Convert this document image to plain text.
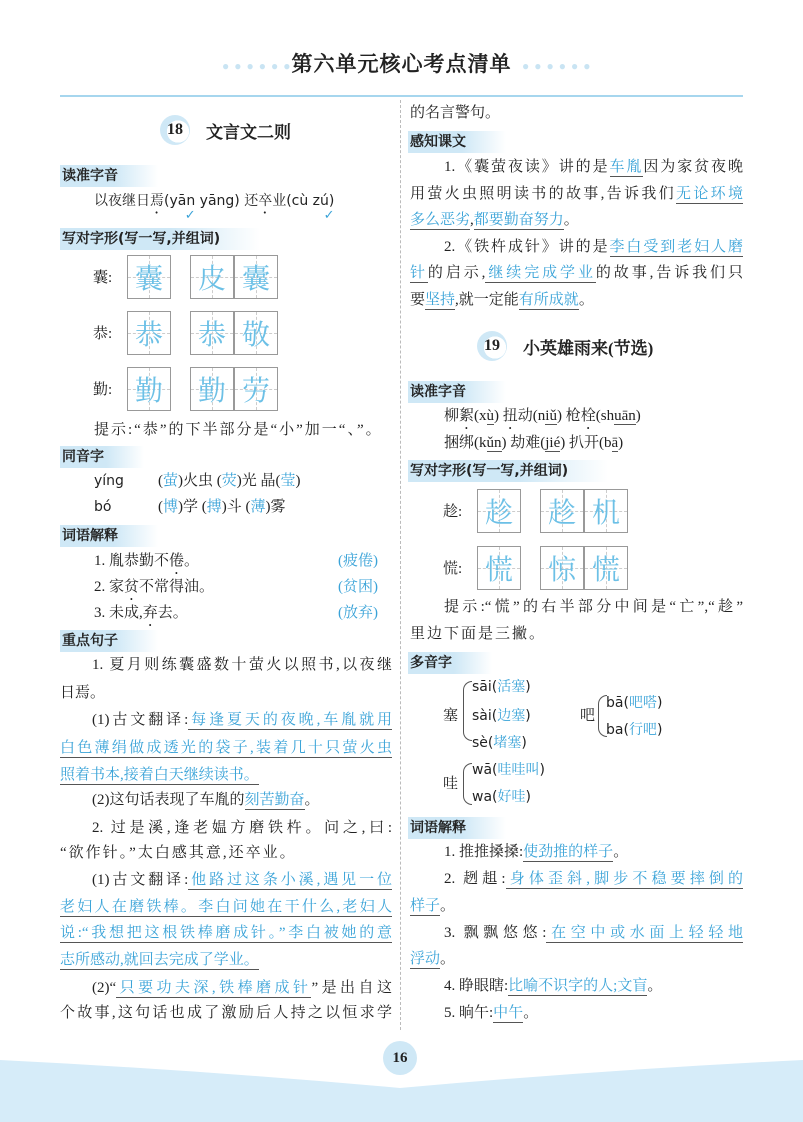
● ● ● ● ● ● 第六单元核心考点清单 ● ● ● ● ● ●
18	文言文二则
读准字音
以夜继日焉(yān ✓ yāng) 还卒业(cù zú ✓)
写对字形(写一写,并组词)
囊: 囊 皮 囊
恭: 恭 恭 敬
勤: 勤 勤 劳
提示:“恭”的下半部分是“小”加一“、”。
同音字
yíng (萤)火虫 (荧)光 晶(莹)
bó	(博)学 (搏)斗 (薄)雾
词语解释
1. 胤恭勤不倦。	(疲倦)
2. 家贫不常得油。	(贫困)
3. 未成,弃去。	(放弃)
重点句子
1. 夏月则练囊盛数十萤火以照书,以夜继
日焉。
(1)古文翻译:每逢夏天的夜晚,车胤就用
白色薄绢做成透光的袋子,装着几十只萤火虫
照着书本,接着白天继续读书。
(2)这句话表现了车胤的刻苦勤奋。
2. 过是溪,逢老媪方磨铁杵。问之,曰:
“欲作针。”太白感其意,还卒业。
(1)古文翻译:他路过这条小溪,遇见一位
老妇人在磨铁棒。李白问她在干什么,老妇人
说:“我想把这根铁棒磨成针。”李白被她的意
志所感动,就回去完成了学业。
(2)“只要功夫深,铁棒磨成针”是出自这
个故事,这句话也成了激励后人持之以恒求学
的名言警句。
感知课文
1.《囊萤夜读》讲的是车胤因为家贫夜晚
用萤火虫照明读书的故事,告诉我们无论环境
多么恶劣,都要勤奋努力。
2.《铁杵成针》讲的是李白受到老妇人磨
针的启示,继续完成学业的故事,告诉我们只
要坚持,就一定能有所成就。
19	小英雄雨来(节选)
读准字音
柳絮(xù) 扭动(niǔ) 枪栓(shuān)
捆绑(kǔn) 劫难(jié) 扒开(bā)
写对字形(写一写,并组词)
趁: 趁 趁 机
慌: 慌 惊 慌
提示:“慌”的右半部分中间是“亡”,“趁”
里边下面是三撇。
多音字
塞
sāi(活塞)
sài(边塞)
sè(堵塞)
吧
bā(吧嗒)
ba(行吧)
哇
wā(哇哇叫)
wa(好哇)
词语解释
1. 推推搡搡:使劲推的样子。
2. 趔趄:身体歪斜,脚步不稳要摔倒的
样子。
3. 飘飘悠悠:在空中或水面上轻轻地
浮动。
4. 睁眼瞎:比喻不识字的人;文盲。
5. 晌午:中午。
16
